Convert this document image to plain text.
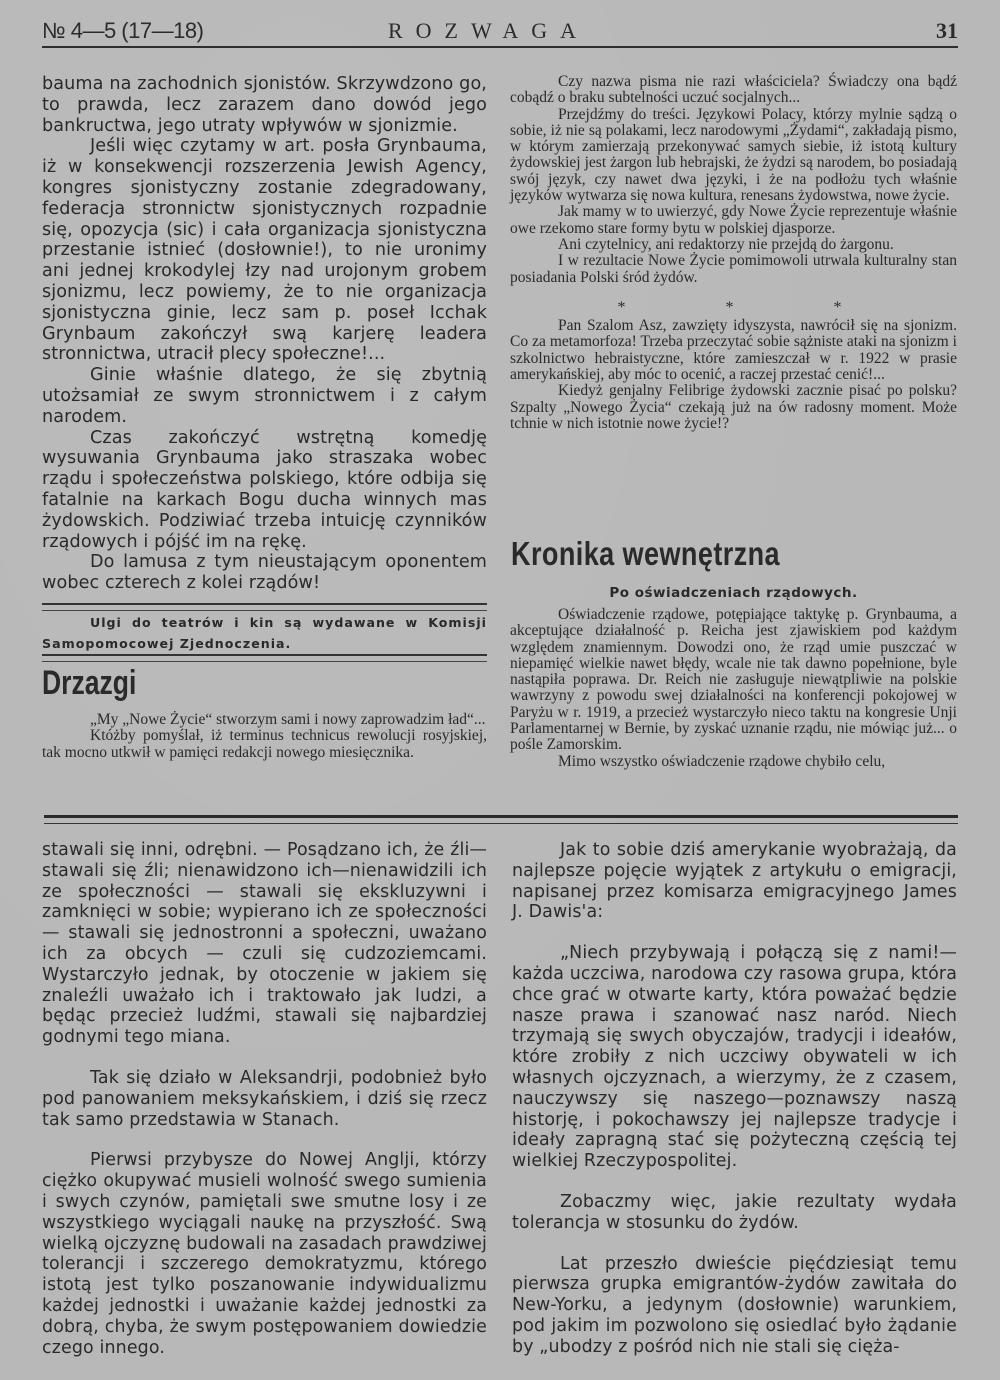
№ 4—5 (17—18)	ROZWAGA	31

bauma na zachodnich sjonistów. Skrzywdzono go, to prawda, lecz zarazem dano dowód jego bankructwa, jego utraty wpływów w sjonizmie.

Jeśli więc czytamy w art. posła Grynbauma, iż w konsekwencji rozszerzenia Jewish Agency, kongres sjonistyczny zostanie zdegradowany, federacja stronnictw sjonistycznych rozpadnie się, opozycja (sic) i cała organizacja sjonistyczna przestanie istnieć (dosłownie!), to nie uronimy ani jednej krokodylej łzy nad urojonym grobem sjonizmu, lecz powiemy, że to nie organizacja sjonistyczna ginie, lecz sam p. poseł Icchak Grynbaum zakończył swą karjerę leadera stronnictwa, utracił plecy społeczne!...

Ginie właśnie dlatego, że się zbytnią utożsamiał ze swym stronnictwem i z całym narodem.

Czas zakończyć wstrętną komedję wysuwania Grynbauma jako straszaka wobec rządu i społeczeństwa polskiego, które odbija się fatalnie na karkach Bogu ducha winnych mas żydowskich. Podziwiać trzeba intuicję czynników rządowych i pójść im na rękę.

Do lamusa z tym nieustającym oponentem wobec czterech z kolei rządów!

Ulgi do teatrów i kin są wydawane w Komisji Samopomocowej Zjednoczenia.

Drzazgi

„My „Nowe Życie“ stworzym sami i nowy zaprowadzim ład“...

Któżby pomyślał, iż terminus technicus rewolucji rosyjskiej, tak mocno utkwił w pamięci redakcji nowego miesięcznika.

Czy nazwa pisma nie razi właściciela? Świadczy ona bądź cobądź o braku subtelności uczuć socjalnych...

Przejdźmy do treści. Językowi Polacy, którzy mylnie sądzą o sobie, iż nie są polakami, lecz narodowymi „Żydami“, zakładają pismo, w którym zamierzają przekonywać samych siebie, iż istotą kultury żydowskiej jest żargon lub hebrajski, że żydzi są narodem, bo posiadają swój język, czy nawet dwa języki, i że na podłożu tych właśnie języków wytwarza się nowa kultura, renesans żydowstwa, nowe życie.

Jak mamy w to uwierzyć, gdy Nowe Życie reprezentuje właśnie owe rzekomo stare formy bytu w polskiej djasporze.

Ani czytelnicy, ani redaktorzy nie przejdą do żargonu.

I w rezultacie Nowe Życie pomimowoli utrwala kulturalny stan posiadania Polski śród żydów.

* * *

Pan Szalom Asz, zawzięty idyszysta, nawrócił się na sjonizm. Co za metamorfoza! Trzeba przeczytać sobie sążniste ataki na sjonizm i szkolnictwo hebraistyczne, które zamieszczał w r. 1922 w prasie amerykańskiej, aby móc to ocenić, a raczej przestać cenić!...

Kiedyż genjalny Felibrige żydowski zacznie pisać po polsku? Szpalty „Nowego Życia“ czekają już na ów radosny moment. Może tchnie w nich istotnie nowe życie!?

Kronika wewnętrzna
Po oświadczeniach rządowych.

Oświadczenie rządowe, potępiające taktykę p. Grynbauma, a akceptujące działalność p. Reicha jest zjawiskiem pod każdym względem znamiennym. Dowodzi ono, że rząd umie puszczać w niepamięć wielkie nawet błędy, wcale nie tak dawno popełnione, byle nastąpiła poprawa. Dr. Reich nie zasługuje niewątpliwie na polskie wawrzyny z powodu swej działalności na konferencji pokojowej w Paryżu w r. 1919, a przecież wystarczyło nieco taktu na kongresie Unji Parlamentarnej w Bernie, by zyskać uznanie rządu, nie mówiąc już... o pośle Zamorskim.

Mimo wszystko oświadczenie rządowe chybiło celu,

stawali się inni, odrębni. — Posądzano ich, że źli—stawali się źli; nienawidzono ich—nienawidzili ich ze społeczności — stawali się ekskluzywni i zamknięci w sobie; wypierano ich ze społeczności — stawali się jednostronni a społeczni, uważano ich za obcych — czuli się cudzoziemcami. Wystarczyło jednak, by otoczenie w jakiem się znaleźli uważało ich i traktowało jak ludzi, a będąc przecież ludźmi, stawali się najbardziej godnymi tego miana.

Tak się działo w Aleksandrji, podobnież było pod panowaniem meksykańskiem, i dziś się rzecz tak samo przedstawia w Stanach.

Pierwsi przybysze do Nowej Anglji, którzy ciężko okupywać musieli wolność swego sumienia i swych czynów, pamiętali swe smutne losy i ze wszystkiego wyciągali naukę na przyszłość. Swą wielką ojczyznę budowali na zasadach prawdziwej tolerancji i szczerego demokratyzmu, którego istotą jest tylko poszanowanie indywidualizmu każdej jednostki i uważanie każdej jednostki za dobrą, chyba, że swym postępowaniem dowiedzie czego innego.

Jak to sobie dziś amerykanie wyobrażają, da najlepsze pojęcie wyjątek z artykułu o emigracji, napisanej przez komisarza emigracyjnego James J. Dawis'a:

„Niech przybywają i połączą się z nami!— każda uczciwa, narodowa czy rasowa grupa, która chce grać w otwarte karty, która poważać będzie nasze prawa i szanować nasz naród. Niech trzymają się swych obyczajów, tradycji i ideałów, które zrobiły z nich uczciwy obywateli w ich własnych ojczyznach, a wierzymy, że z czasem, nauczywszy się naszego—poznawszy naszą historję, i pokochawszy jej najlepsze tradycje i ideały zapragną stać się pożyteczną częścią tej wielkiej Rzeczypospolitej.

Zobaczmy więc, jakie rezultaty wydała tolerancja w stosunku do żydów.

Lat przeszło dwieście pięćdziesiąt temu pierwsza grupka emigrantów-żydów zawitała do New-Yorku, a jedynym (dosłownie) warunkiem, pod jakim im pozwolono się osiedlać było żądanie by „ubodzy z pośród nich nie stali się cięża-
